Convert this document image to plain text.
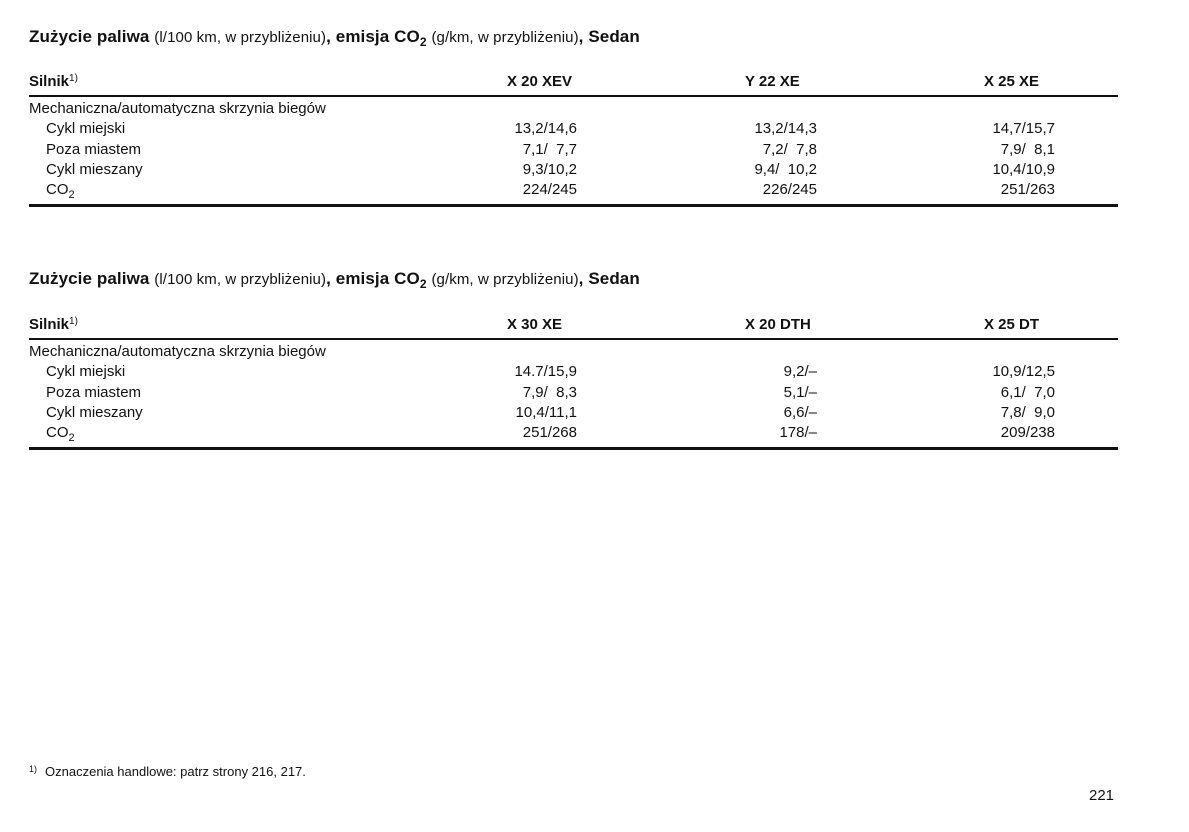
Zużycie paliwa (l/100 km, w przybliżeniu), emisja $CO_2$ (g/km, w przybliżeniu), Sedan
Silnik$^{1)}$	X 20 XEV	Y 22 XE	X 25 XE
Mechaniczna/automatyczna skrzynia biegów
Cykl miejski	13,2/14,6	13,2/14,3	14,7/15,7
Poza miastem	7,1/  7,7	7,2/  7,8	7,9/  8,1
Cykl mieszany	9,3/10,2	9,4/  10,2	10,4/10,9
$CO_2$	224/245	226/245	251/263
Zużycie paliwa (l/100 km, w przybliżeniu), emisja $CO_2$ (g/km, w przybliżeniu), Sedan
Silnik$^{1)}$	X 30 XE	X 20 DTH	X 25 DT
Mechaniczna/automatyczna skrzynia biegów
Cykl miejski	14.7/15,9	9,2/–	10,9/12,5
Poza miastem	7,9/  8,3	5,1/–	6,1/  7,0
Cykl mieszany	10,4/11,1	6,6/–	7,8/  9,0
$CO_2$	251/268	178/–	209/238
$^{1)}$ Oznaczenia handlowe: patrz strony 216, 217.
221
